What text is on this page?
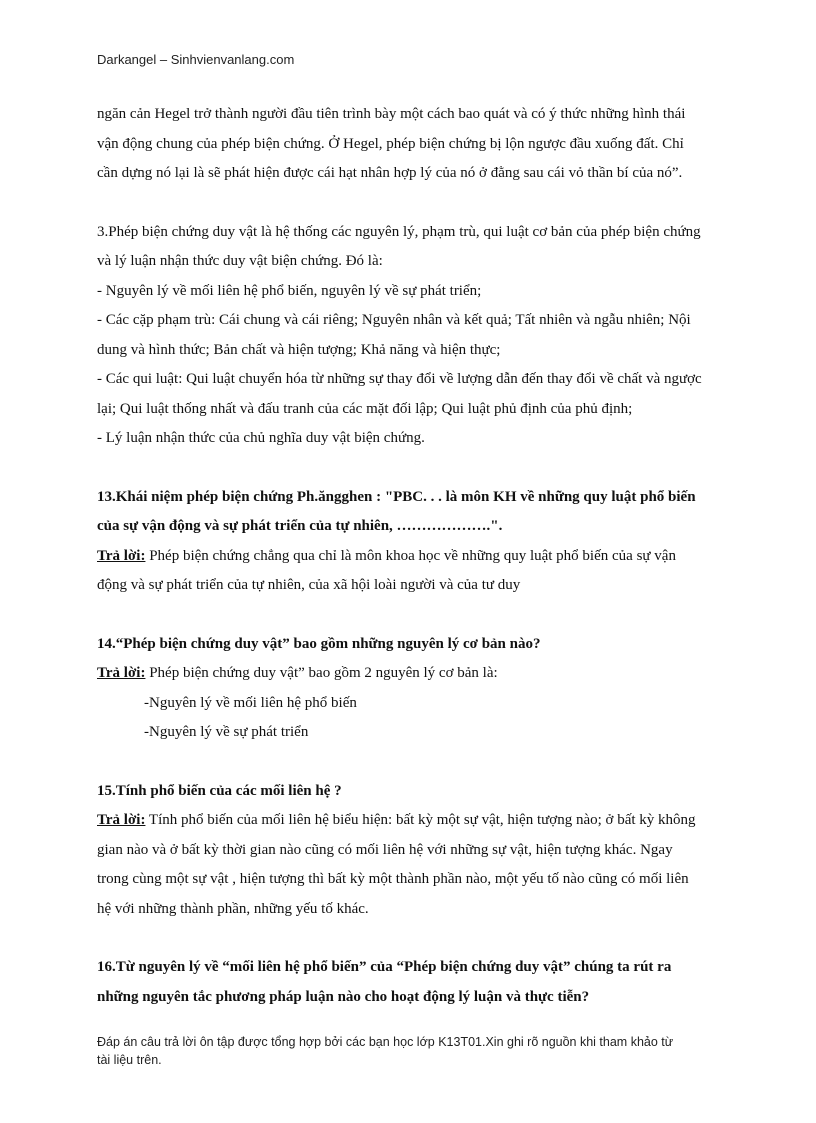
Darkangel – Sinhvienvanlang.com

ngăn cản Hegel trở thành người đầu tiên trình bày một cách bao quát và có ý thức những hình thái

vận động chung của phép biện chứng. Ở Hegel, phép biện chứng bị lộn ngược đầu xuống đất. Chỉ

cần dựng nó lại là sẽ phát hiện được cái hạt nhân hợp lý của nó ở đằng sau cái vỏ thần bí của nó”.

3.Phép biện chứng duy vật là hệ thống các nguyên lý, phạm trù, qui luật cơ bản của phép biện chứng

và lý luận nhận thức duy vật biện chứng. Đó là:

- Nguyên lý về mối liên hệ phổ biến, nguyên lý về sự phát triển;

- Các cặp phạm trù: Cái chung và cái riêng; Nguyên nhân và kết quả; Tất nhiên và ngẫu nhiên; Nội

dung và hình thức; Bản chất và hiện tượng; Khả năng và hiện thực;

- Các qui luật: Qui luật chuyển hóa từ những sự thay đổi về lượng dẫn đến thay đổi về chất và ngược

lại; Qui luật thống nhất và đấu tranh của các mặt đối lập; Qui luật phủ định của phủ định;

- Lý luận nhận thức của chủ nghĩa duy vật biện chứng.

13.Khái niệm phép biện chứng Ph.ăngghen : "PBC. . . là môn KH về những quy luật phổ biến

của sự vận động và sự phát triển của tự nhiên, ……………….".

Trả lời: Phép biện chứng chẳng qua chỉ là môn khoa học về những quy luật phổ biến của sự vận

động và sự phát triển của tự nhiên, của xã hội loài người và của tư duy

14.“Phép biện chứng duy vật” bao gồm những nguyên lý cơ bản nào?

Trả lời: Phép biện chứng duy vật” bao gồm 2 nguyên lý cơ bản là:

-Nguyên lý về mối liên hệ phổ biến

-Nguyên lý về sự phát triển

15.Tính phổ biến của các mối liên hệ ?

Trả lời: Tính phổ biến của mối liên hệ biểu hiện: bất kỳ một sự vật, hiện tượng nào; ở bất kỳ không

gian nào và ở bất kỳ thời gian nào cũng có mối liên hệ với những sự vật, hiện tượng khác. Ngay

trong cùng một sự vật , hiện tượng thì bất kỳ một thành phần nào, một yếu tố nào cũng có mối liên

hệ với những thành phần, những yếu tố khác.

16.Từ nguyên lý về “mối liên hệ phổ biến” của “Phép biện chứng duy vật” chúng ta rút ra

những nguyên tắc phương pháp luận nào cho hoạt động lý luận và thực tiễn?

Đáp án câu trả lời ôn tập được tổng hợp bởi các bạn học lớp K13T01.Xin ghi rõ nguồn khi tham khảo từ
tài liệu trên.
